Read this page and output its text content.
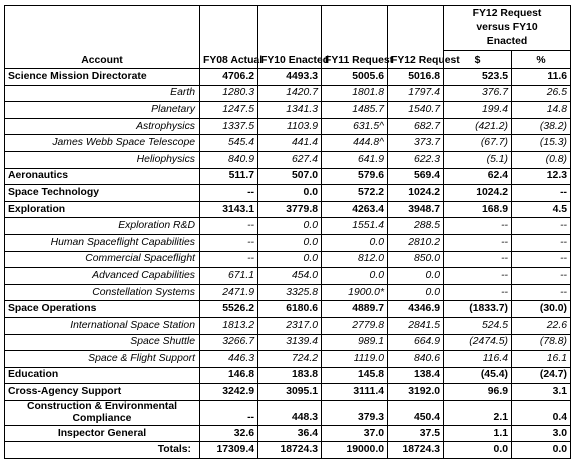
Account	FY08 Actual	FY10 Enacted	FY11 Request	FY12 Request	FY12 Request versus FY10 Enacted	
					$	%
Science Mission Directorate	4706.2	4493.3	5005.6	5016.8	523.5	11.6
Earth	1280.3	1420.7	1801.8	1797.4	376.7	26.5
Planetary	1247.5	1341.3	1485.7	1540.7	199.4	14.8
Astrophysics	1337.5	1103.9	631.5^	682.7	(421.2)	(38.2)
James Webb Space Telescope	545.4	441.4	444.8^	373.7	(67.7)	(15.3)
Heliophysics	840.9	627.4	641.9	622.3	(5.1)	(0.8)
Aeronautics	511.7	507.0	579.6	569.4	62.4	12.3
Space Technology	--	0.0	572.2	1024.2	1024.2	--
Exploration	3143.1	3779.8	4263.4	3948.7	168.9	4.5
Exploration R&D	--	0.0	1551.4	288.5	--	--
Human Spaceflight Capabilities	--	0.0	0.0	2810.2	--	--
Commercial Spaceflight	--	0.0	812.0	850.0	--	--
Advanced Capabilities	671.1	454.0	0.0	0.0	--	--
Constellation Systems	2471.9	3325.8	1900.0*	0.0	--	--
Space Operations	5526.2	6180.6	4889.7	4346.9	(1833.7)	(30.0)
International Space Station	1813.2	2317.0	2779.8	2841.5	524.5	22.6
Space Shuttle	3266.7	3139.4	989.1	664.9	(2474.5)	(78.8)
Space & Flight Support	446.3	724.2	1119.0	840.6	116.4	16.1
Education	146.8	183.8	145.8	138.4	(45.4)	(24.7)
Cross-Agency Support	3242.9	3095.1	3111.4	3192.0	96.9	3.1
Construction & Environmental Compliance	--	448.3	379.3	450.4	2.1	0.4
Inspector General	32.6	36.4	37.0	37.5	1.1	3.0
Totals:	17309.4	18724.3	19000.0	18724.3	0.0	0.0
